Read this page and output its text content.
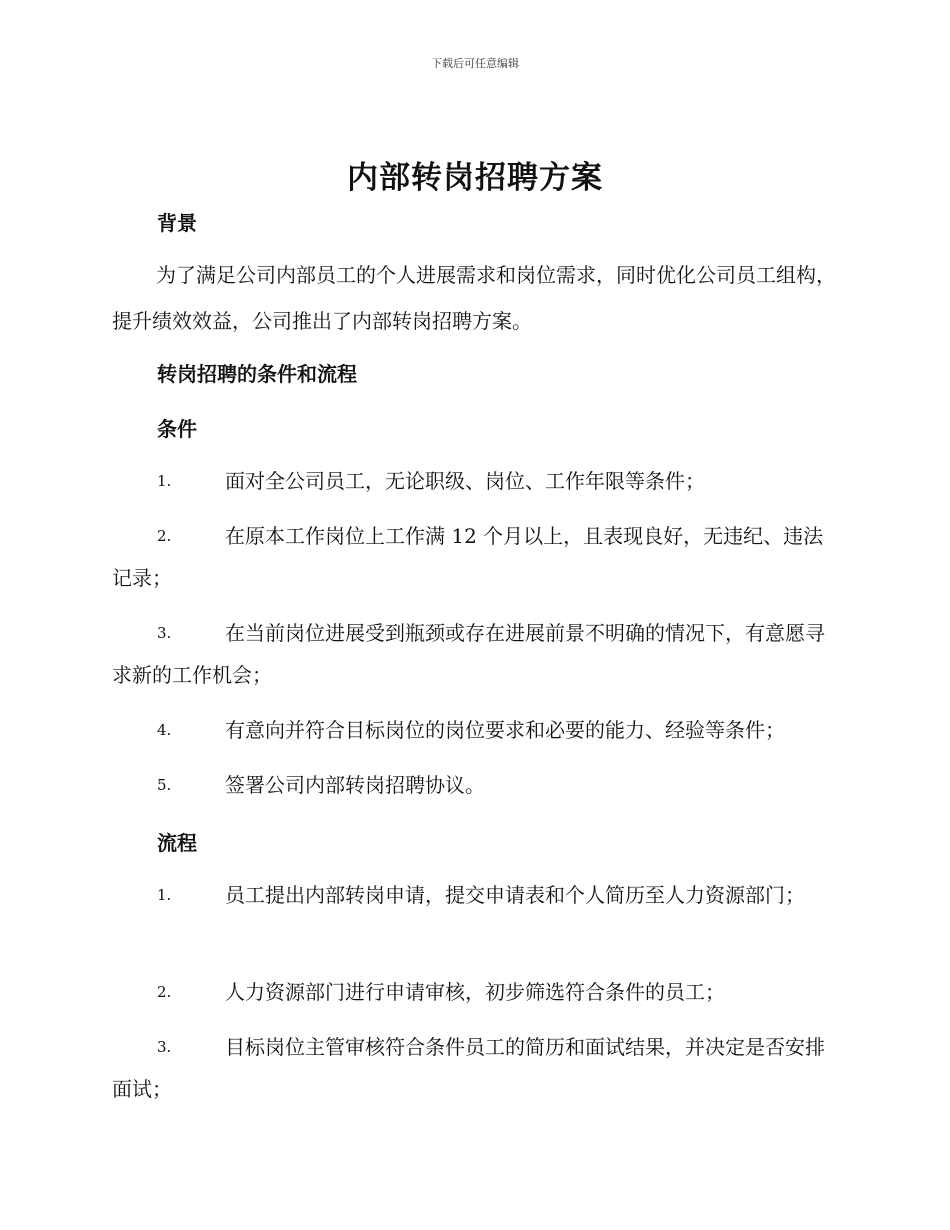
下载后可任意编辑
内部转岗招聘方案
背景
为了满足公司内部员工的个人进展需求和岗位需求，同时优化公司员工组构，提升绩效效益，公司推出了内部转岗招聘方案。
转岗招聘的条件和流程
条件
1.	面对全公司员工，无论职级、岗位、工作年限等条件；
2.	在原本工作岗位上工作满 12 个月以上，且表现良好，无违纪、违法记录；
3.	在当前岗位进展受到瓶颈或存在进展前景不明确的情况下，有意愿寻求新的工作机会；
4.	有意向并符合目标岗位的岗位要求和必要的能力、经验等条件；
5.	签署公司内部转岗招聘协议。
流程
1.	员工提出内部转岗申请，提交申请表和个人简历至人力资源部门；
2.	人力资源部门进行申请审核，初步筛选符合条件的员工；
3.	目标岗位主管审核符合条件员工的简历和面试结果，并决定是否安排面试；
